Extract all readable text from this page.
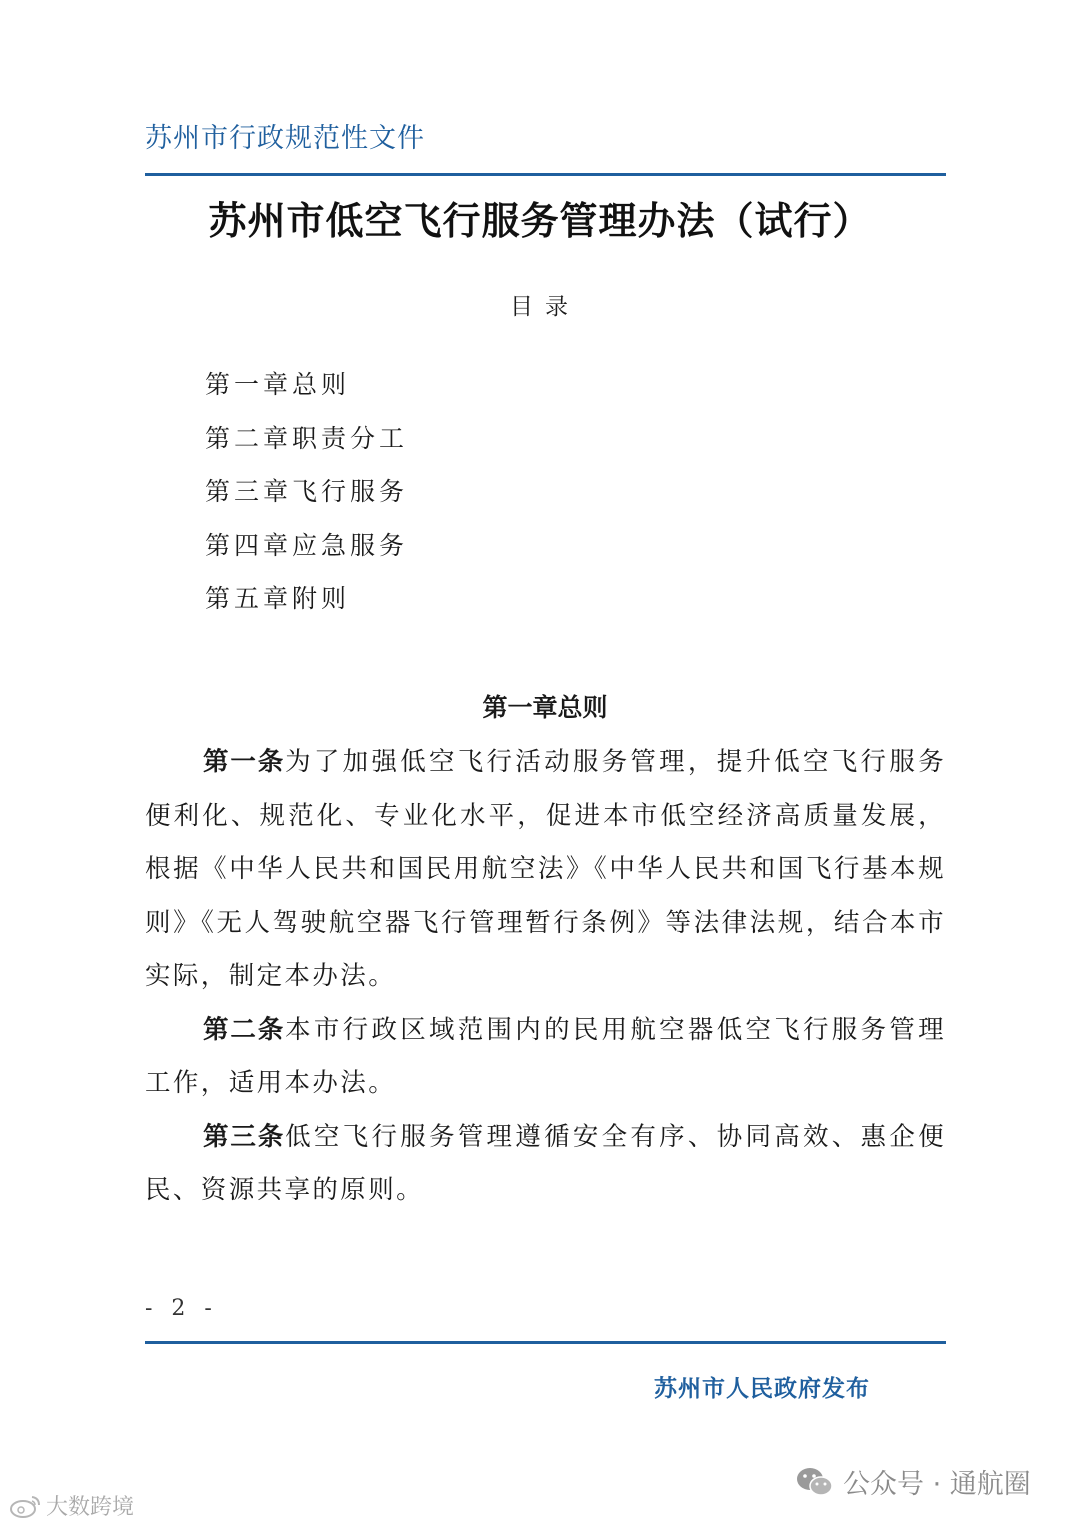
苏州市行政规范性文件
苏州市低空飞行服务管理办法（试行）
目录
第一章总则
第二章职责分工
第三章飞行服务
第四章应急服务
第五章附则
第一章总则

第一条为了加强低空飞行活动服务管理，提升低空飞行服务便利化、规范化、专业化水平，促进本市低空经济高质量发展，根据《中华人民共和国民用航空法》《中华人民共和国飞行基本规则》《无人驾驶航空器飞行管理暂行条例》等法律法规，结合本市实际，制定本办法。

第二条本市行政区域范围内的民用航空器低空飞行服务管理工作，适用本办法。

第三条低空飞行服务管理遵循安全有序、协同高效、惠企便民、资源共享的原则。

- 2 -
苏州市人民政府发布
大数跨境
公众号 · 通航圈
